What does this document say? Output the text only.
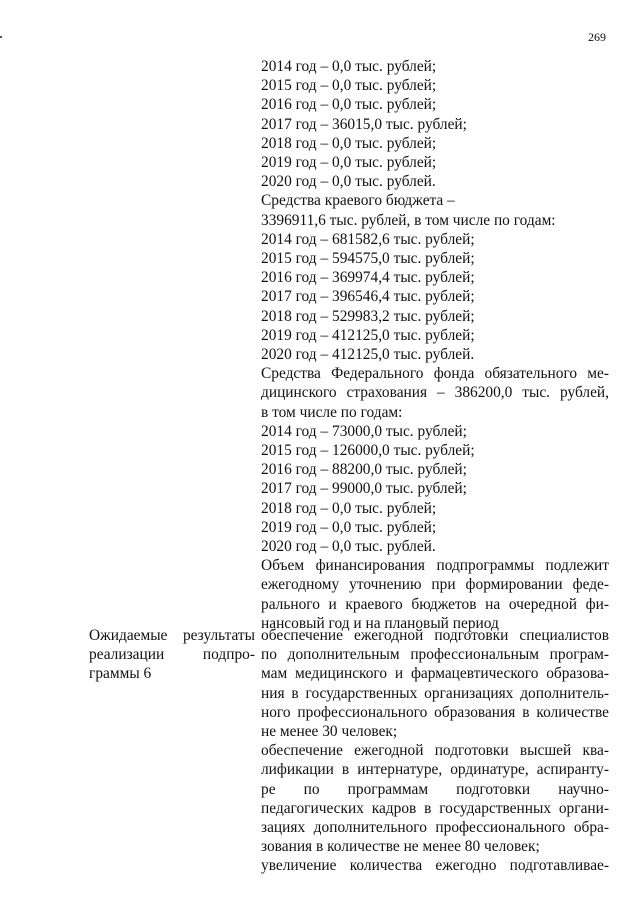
269
2014 год – 0,0 тыс. рублей;
2015 год – 0,0 тыс. рублей;
2016 год – 0,0 тыс. рублей;
2017 год – 36015,0 тыс. рублей;
2018 год – 0,0 тыс. рублей;
2019 год – 0,0 тыс. рублей;
2020 год – 0,0 тыс. рублей.
Средства краевого бюджета –
3396911,6 тыс. рублей, в том числе по годам:
2014 год – 681582,6 тыс. рублей;
2015 год – 594575,0 тыс. рублей;
2016 год – 369974,4 тыс. рублей;
2017 год – 396546,4 тыс. рублей;
2018 год – 529983,2 тыс. рублей;
2019 год – 412125,0 тыс. рублей;
2020 год – 412125,0 тыс. рублей.
Средства Федерального фонда обязательного ме-
дицинского страхования – 386200,0 тыс. рублей,
в том числе по годам:
2014 год – 73000,0 тыс. рублей;
2015 год – 126000,0 тыс. рублей;
2016 год – 88200,0 тыс. рублей;
2017 год – 99000,0 тыс. рублей;
2018 год – 0,0 тыс. рублей;
2019 год – 0,0 тыс. рублей;
2020 год – 0,0 тыс. рублей.
Объем финансирования подпрограммы подлежит
ежегодному уточнению при формировании феде-
рального и краевого бюджетов на очередной фи-
нансовый год и на плановый период
Ожидаемые результаты
реализации подпро-
граммы 6
обеспечение ежегодной подготовки специалистов
по дополнительным профессиональным програм-
мам медицинского и фармацевтического образова-
ния в государственных организациях дополнитель-
ного профессионального образования в количестве
не менее 30 человек;
обеспечение ежегодной подготовки высшей ква-
лификации в интернатуре, ординатуре, аспиранту-
ре по программам подготовки научно-
педагогических кадров в государственных органи-
зациях дополнительного профессионального обра-
зования в количестве не менее 80 человек;
увеличение количества ежегодно подготавливае-
